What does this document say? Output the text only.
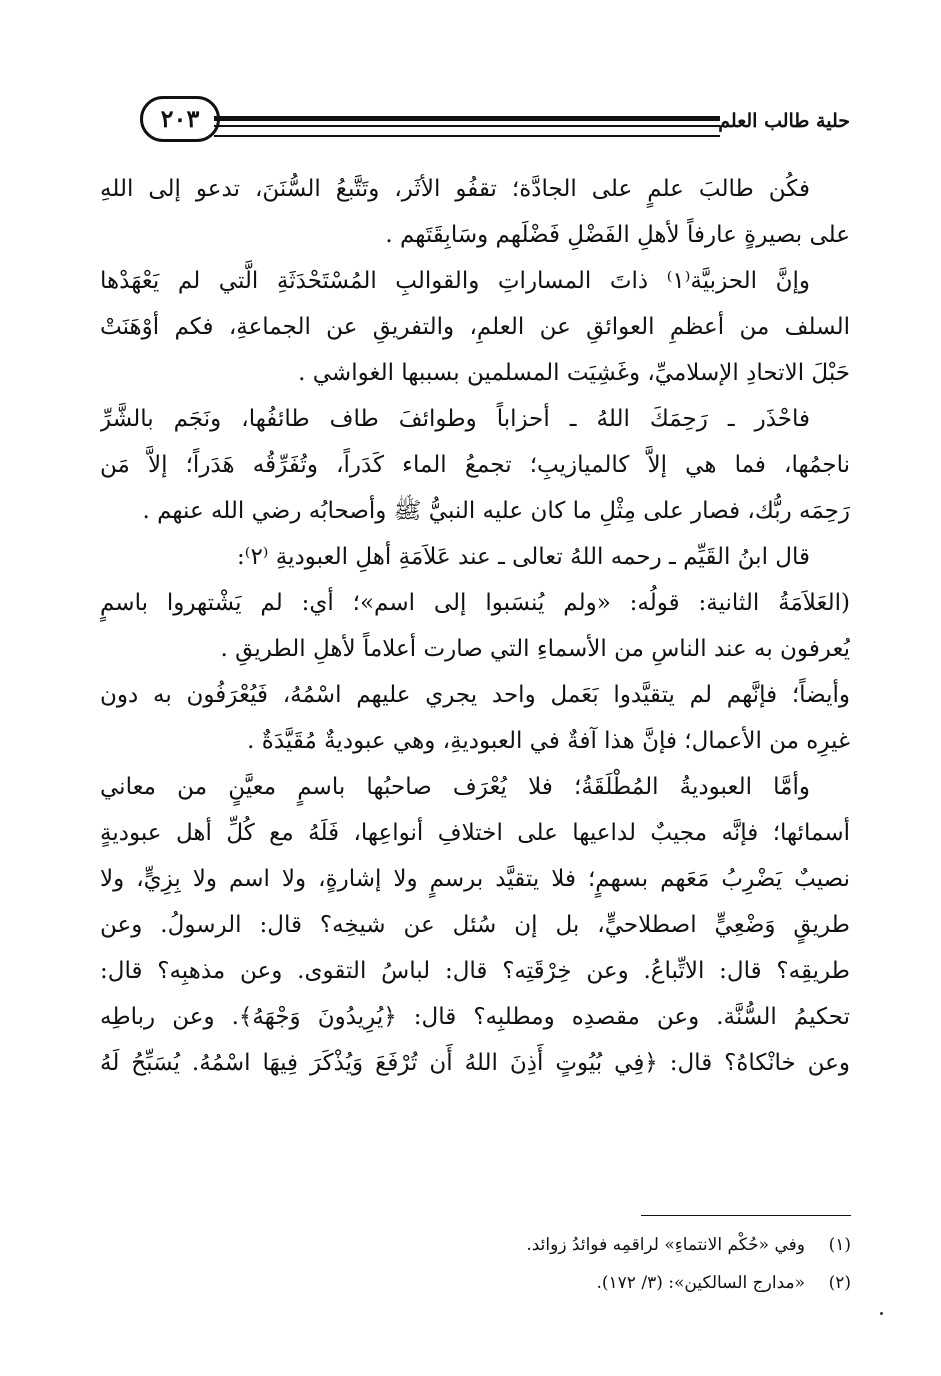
حلية طالب العلم
٢٠٣
فكُن طالبَ علمٍ على الجادَّة؛ تقفُو الأثَر، وتَتَّبعُ السُّنَنَ، تدعو إلى اللهِ
على بصيرةٍ عارفاً لأهلِ الفَضْلِ فَضْلَهم وسَابِقَتَهم .
وإنَّ الحزبيَّة⁽١⁾ ذاتَ المساراتِ والقوالبِ المُسْتَحْدَثَةِ الَّتي لم يَعْهَدْها
السلف من أعظمِ العوائقِ عن العلمِ، والتفريقِ عن الجماعةِ، فكم أوْهَنَتْ
حَبْلَ الاتحادِ الإسلاميِّ، وغَشِيَت المسلمين بسببها الغواشي .
فاحْذَر ـ رَحِمَكَ اللهُ ـ أحزاباً وطوائفَ طاف طائفُها، ونَجَم بالشَّرِّ
ناجمُها، فما هي إلاَّ كالميازيبِ؛ تجمعُ الماء كَدَراً، وتُفَرِّقُه هَدَراً؛ إلاَّ مَن
رَحِمَه ربُّك، فصار على مِثْلِ ما كان عليه النبيُّ ﷺ وأصحابُه رضي الله عنهم .
قال ابنُ القَيِّم ـ رحمه اللهُ تعالى ـ عند عَلاَمَةِ أهلِ العبوديةِ ⁽٢⁾:
(العَلاَمَةُ الثانية: قولُه: «ولم يُنسَبوا إلى اسم»؛ أي: لم يَشْتهروا باسمٍ
يُعرفون به عند الناسِ من الأسماءِ التي صارت أعلاماً لأهلِ الطريقِ .
وأيضاً؛ فإنَّهم لم يتقيَّدوا بَعَمل واحد يجري عليهم اسْمُهُ، فَيُعْرَفُون به دون
غيرِه من الأعمال؛ فإنَّ هذا آفةٌ في العبوديةِ، وهي عبوديةٌ مُقَيَّدَةٌ .
وأمَّا العبوديةُ المُطْلَقَةُ؛ فلا يُعْرَف صاحبُها باسمٍ معيَّنٍ من معاني
أسمائها؛ فإنَّه مجيبٌ لداعيها على اختلافِ أنواعِها، فَلَهُ مع كُلِّ أهل عبوديةٍ
نصيبٌ يَضْرِبُ مَعَهم بسهمٍ؛ فلا يتقيَّد برسمٍ ولا إشارةٍ، ولا اسم ولا بِزِيٍّ، ولا
طريقٍ وَضْعِيٍّ اصطلاحيٍّ، بل إن سُئل عن شيخِه؟ قال: الرسولُ. وعن
طريقِه؟ قال: الاتِّباعُ. وعن خِرْقَتِه؟ قال: لباسُ التقوى. وعن مذهبِه؟ قال:
تحكيمُ السُّنَّة. وعن مقصدِه ومطلبِه؟ قال: ﴿يُرِيدُونَ وَجْهَهُ﴾. وعن رباطِه
وعن خانْكاهُ؟ قال: ﴿فِي بُيُوتٍ أَذِنَ اللهُ أَن تُرْفَعَ وَيُذْكَرَ فِيهَا اسْمُهُ. يُسَبِّحُ لَهُ
(١)وفي «حُكْم الانتماءِ» لراقمِه فوائدُ زوائد.
(٢)«مدارج السالكين»: (٣/ ١٧٢).
